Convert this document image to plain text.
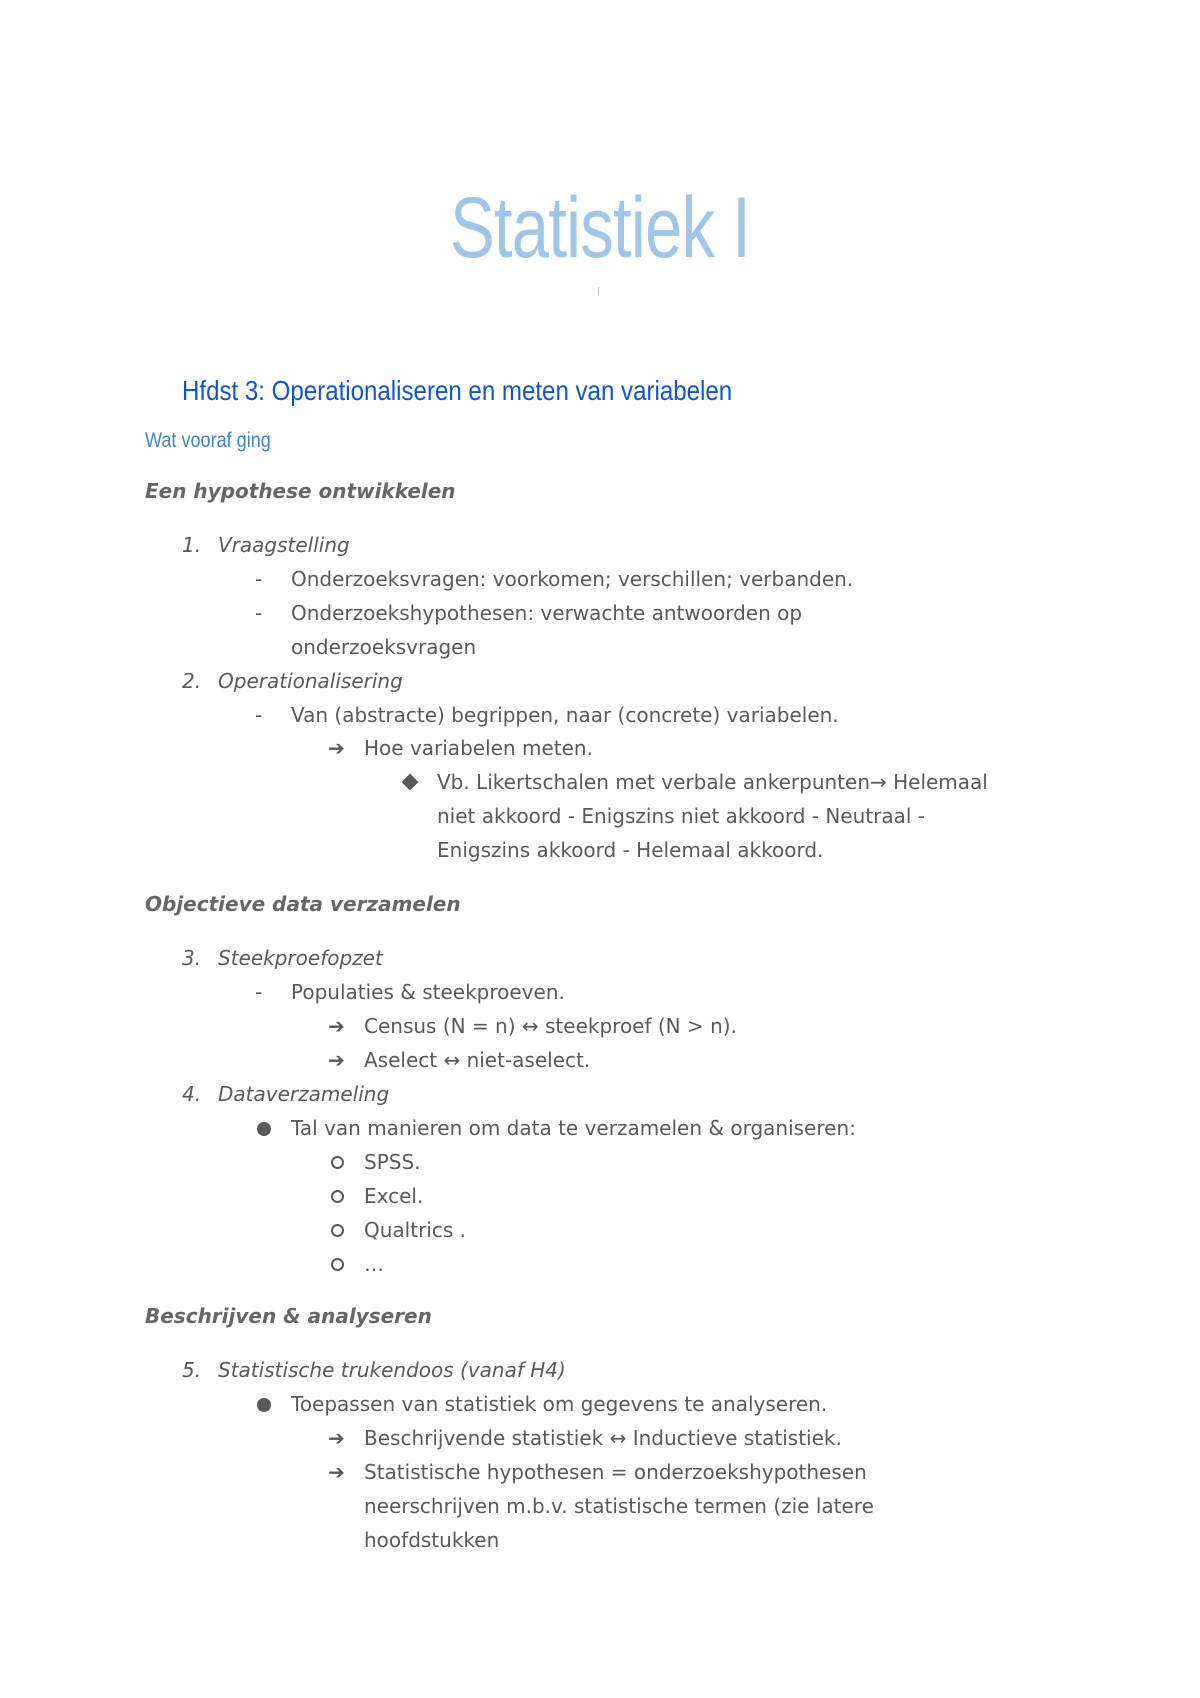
Statistiek I
Hfdst 3: Operationaliseren en meten van variabelen
Wat vooraf ging
Een hypothese ontwikkelen
1. Vraagstelling
- Onderzoeksvragen: voorkomen; verschillen; verbanden.
- Onderzoekshypothesen: verwachte antwoorden op
onderzoeksvragen
2. Operationalisering
- Van (abstracte) begrippen, naar (concrete) variabelen.
➔ Hoe variabelen meten.
Vb. Likertschalen met verbale ankerpunten→ Helemaal
niet akkoord - Enigszins niet akkoord - Neutraal -
Enigszins akkoord - Helemaal akkoord.
Objectieve data verzamelen
3. Steekproefopzet
- Populaties & steekproeven.
➔ Census (N = n) ↔ steekproef (N > n).
➔ Aselect ↔ niet-aselect.
4. Dataverzameling
Tal van manieren om data te verzamelen & organiseren:
SPSS.
Excel.
Qualtrics .
…
Beschrijven & analyseren
5. Statistische trukendoos (vanaf H4)
Toepassen van statistiek om gegevens te analyseren.
➔ Beschrijvende statistiek ↔ Inductieve statistiek.
➔ Statistische hypothesen = onderzoekshypothesen
neerschrijven m.b.v. statistische termen (zie latere
hoofdstukken
